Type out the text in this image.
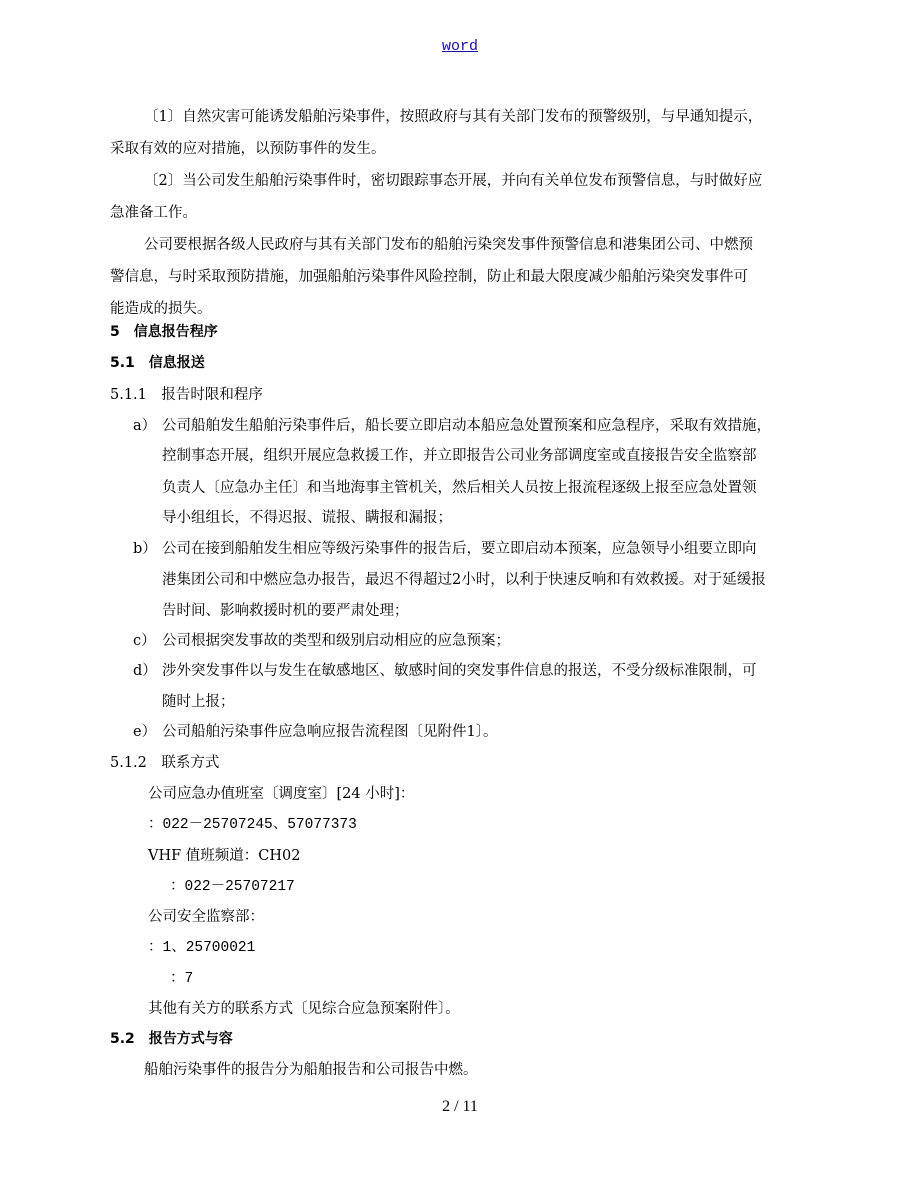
word
〔1〕自然灾害可能诱发船舶污染事件，按照政府与其有关部门发布的预警级别，与早通知提示，
采取有效的应对措施，以预防事件的发生。
〔2〕当公司发生船舶污染事件时，密切跟踪事态开展，并向有关单位发布预警信息，与时做好应
急准备工作。
公司要根据各级人民政府与其有关部门发布的船舶污染突发事件预警信息和港集团公司、中燃预
警信息，与时采取预防措施，加强船舶污染事件风险控制，防止和最大限度减少船舶污染突发事件可
能造成的损失。
5　信息报告程序
5.1　信息报送
5.1.1　报告时限和程序
a） 公司船舶发生船舶污染事件后，船长要立即启动本船应急处置预案和应急程序，采取有效措施，
控制事态开展，组织开展应急救援工作，并立即报告公司业务部调度室或直接报告安全监察部
负责人〔应急办主任〕和当地海事主管机关，然后相关人员按上报流程逐级上报至应急处置领
导小组组长，不得迟报、谎报、瞒报和漏报；
b） 公司在接到船舶发生相应等级污染事件的报告后，要立即启动本预案，应急领导小组要立即向
港集团公司和中燃应急办报告，最迟不得超过2小时，以利于快速反响和有效救援。对于延缓报
告时间、影响救援时机的要严肃处理；
c） 公司根据突发事故的类型和级别启动相应的应急预案；
d） 涉外突发事件以与发生在敏感地区、敏感时间的突发事件信息的报送，不受分级标准限制，可
随时上报；
e） 公司船舶污染事件应急响应报告流程图〔见附件1〕。
5.1.2　联系方式
公司应急办值班室〔调度室〕[24 小时]：
：022－25707245、57077373
VHF 值班频道：CH02
：022－25707217
公司安全监察部：
：1、25700021
：7
其他有关方的联系方式〔见综合应急预案附件〕。
5.2　报告方式与容
船舶污染事件的报告分为船舶报告和公司报告中燃。
2 / 11
